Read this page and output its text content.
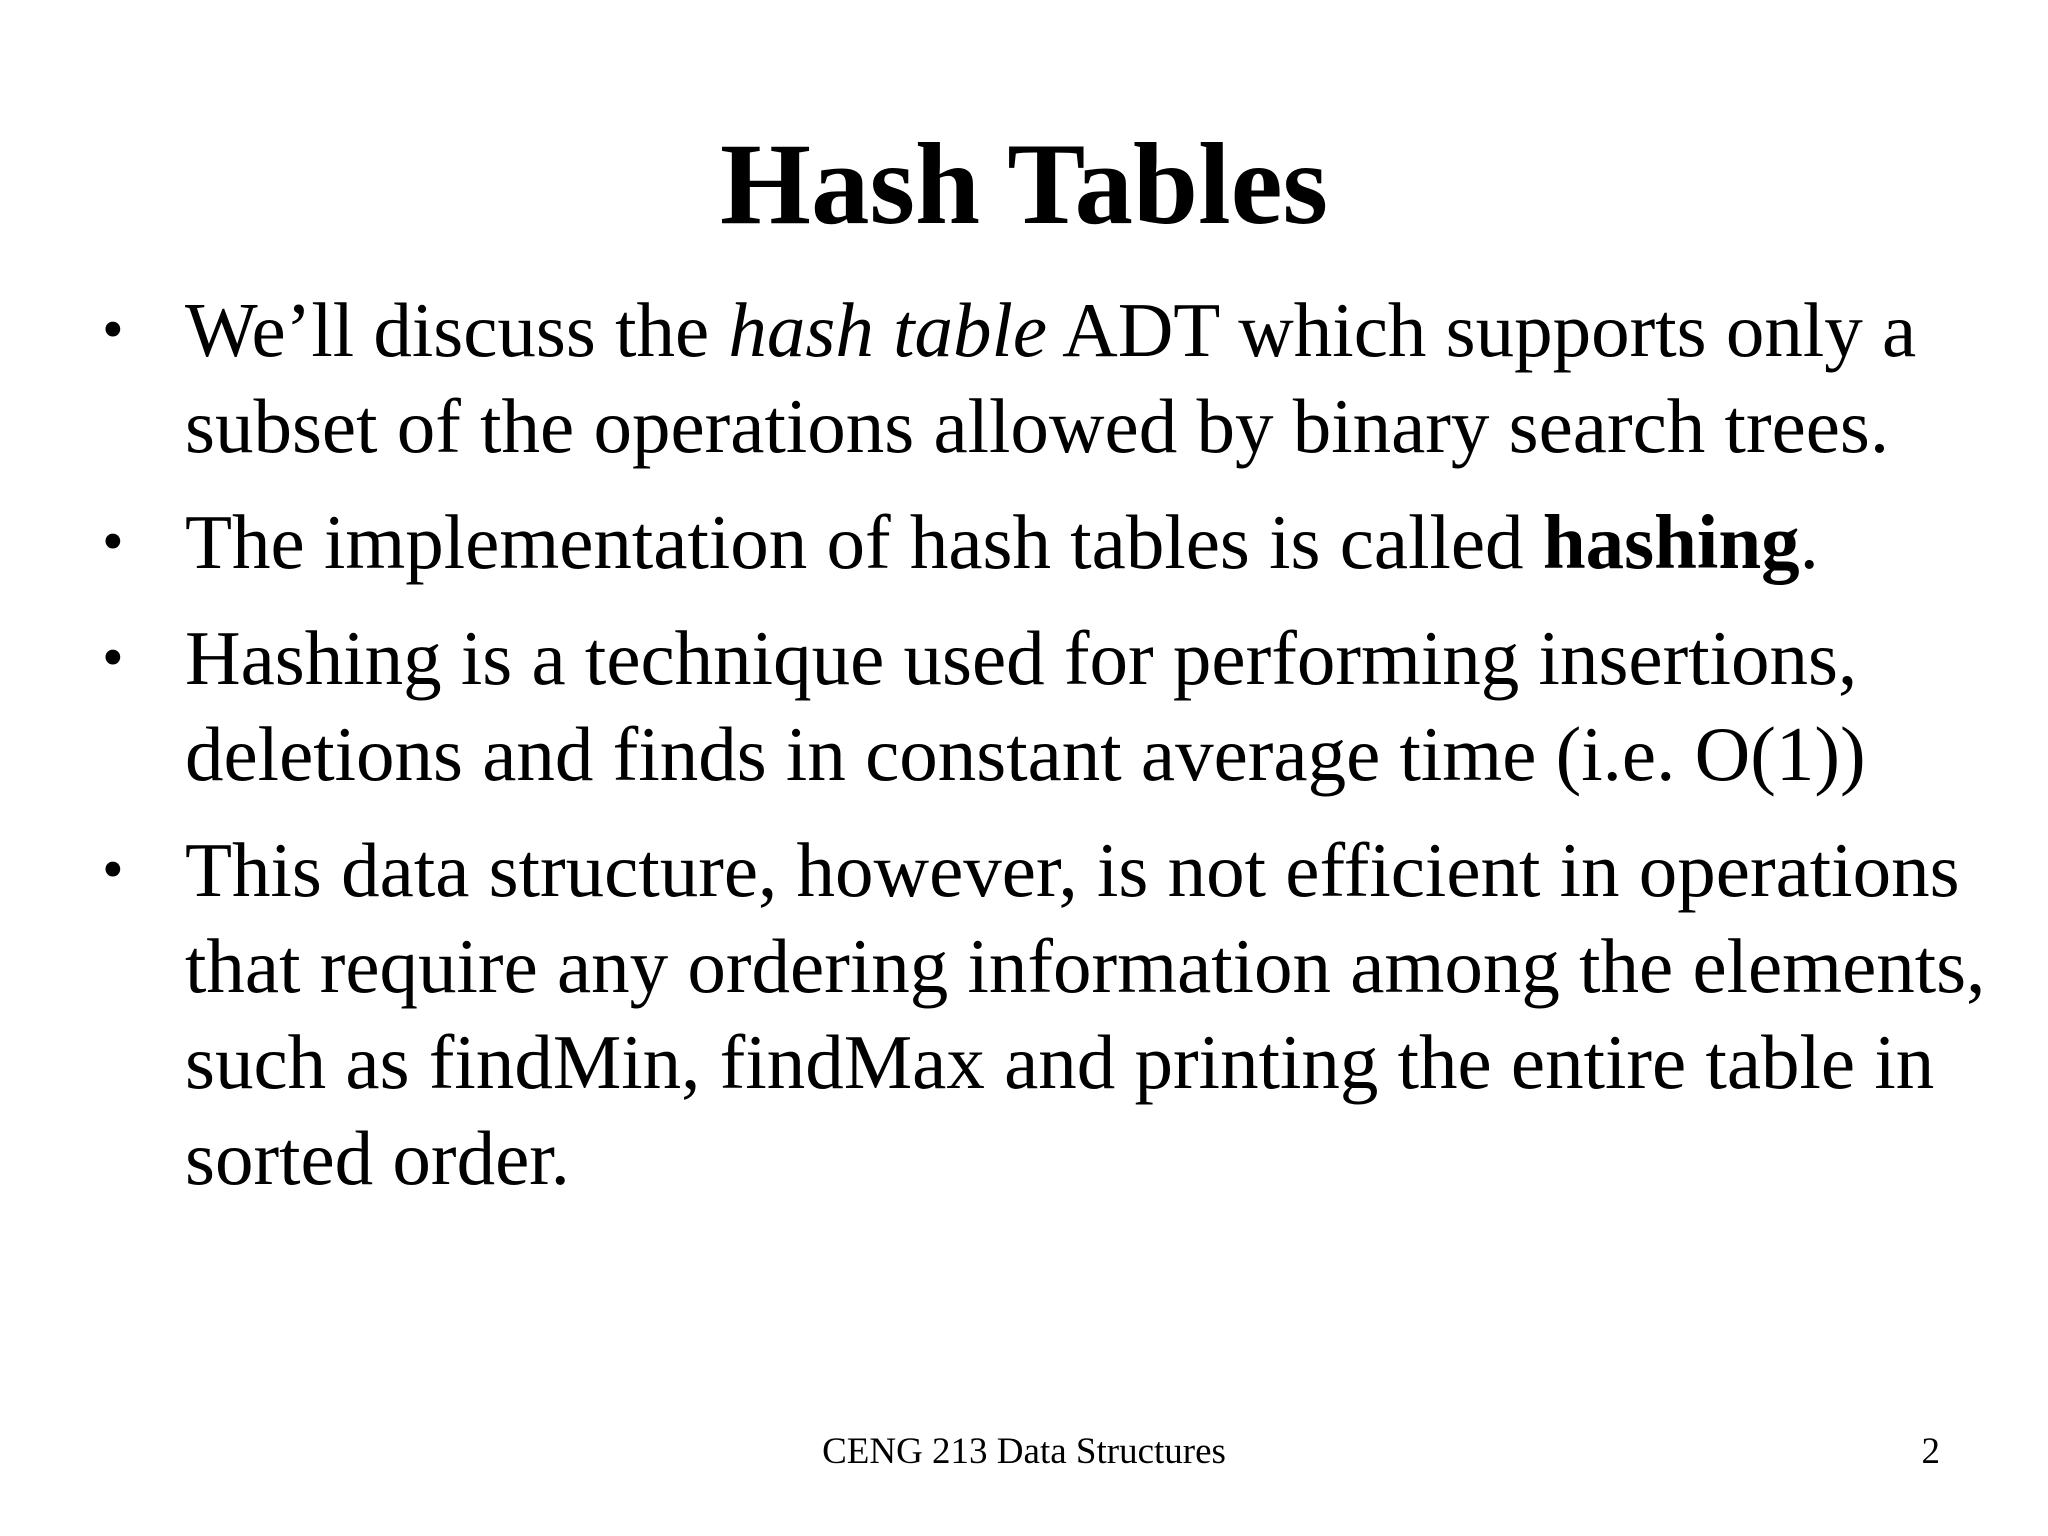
Hash Tables
• We’ll discuss the hash table ADT which supports only a subset of the operations allowed by binary search trees.
• The implementation of hash tables is called hashing.
• Hashing is a technique used for performing insertions, deletions and finds in constant average time (i.e. O(1))
• This data structure, however, is not efficient in operations that require any ordering information among the elements, such as findMin, findMax and printing the entire table in sorted order.
CENG 213 Data Structures	2
